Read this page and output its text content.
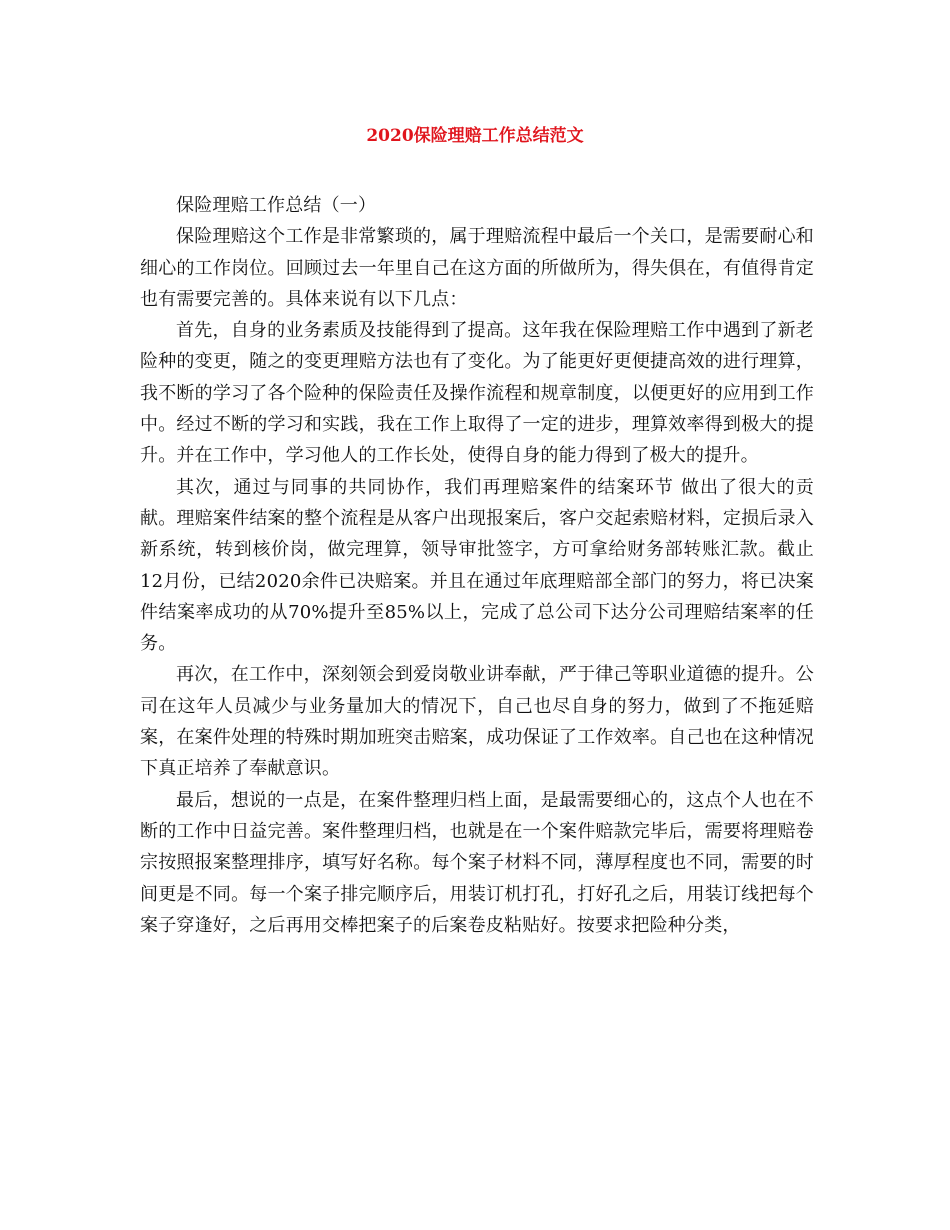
2020保险理赔工作总结范文

保险理赔工作总结（一）

保险理赔这个工作是非常繁琐的，属于理赔流程中最后一个关口，是需要耐心和细心的工作岗位。回顾过去一年里自己在这方面的所做所为，得失俱在，有值得肯定也有需要完善的。具体来说有以下几点：

首先，自身的业务素质及技能得到了提高。这年我在保险理赔工作中遇到了新老险种的变更，随之的变更理赔方法也有了变化。为了能更好更便捷高效的进行理算，我不断的学习了各个险种的保险责任及操作流程和规章制度，以便更好的应用到工作中。经过不断的学习和实践，我在工作上取得了一定的进步，理算效率得到极大的提升。并在工作中，学习他人的工作长处，使得自身的能力得到了极大的提升。

其次，通过与同事的共同协作，我们再理赔案件的结案环节 做出了很大的贡献。理赔案件结案的整个流程是从客户出现报案后，客户交起索赔材料，定损后录入新系统，转到核价岗，做完理算，领导审批签字，方可拿给财务部转账汇款。截止12月份，已结2020余件已决赔案。并且在通过年底理赔部全部门的努力，将已决案件结案率成功的从70%提升至85%以上，完成了总公司下达分公司理赔结案率的任务。

再次，在工作中，深刻领会到爱岗敬业讲奉献，严于律己等职业道德的提升。公司在这年人员减少与业务量加大的情况下，自己也尽自身的努力，做到了不拖延赔案，在案件处理的特殊时期加班突击赔案，成功保证了工作效率。自己也在这种情况下真正培养了奉献意识。

最后，想说的一点是，在案件整理归档上面，是最需要细心的，这点个人也在不断的工作中日益完善。案件整理归档，也就是在一个案件赔款完毕后，需要将理赔卷宗按照报案整理排序，填写好名称。每个案子材料不同，薄厚程度也不同，需要的时间更是不同。每一个案子排完顺序后，用装订机打孔，打好孔之后，用装订线把每个案子穿逢好，之后再用交棒把案子的后案卷皮粘贴好。按要求把险种分类，
